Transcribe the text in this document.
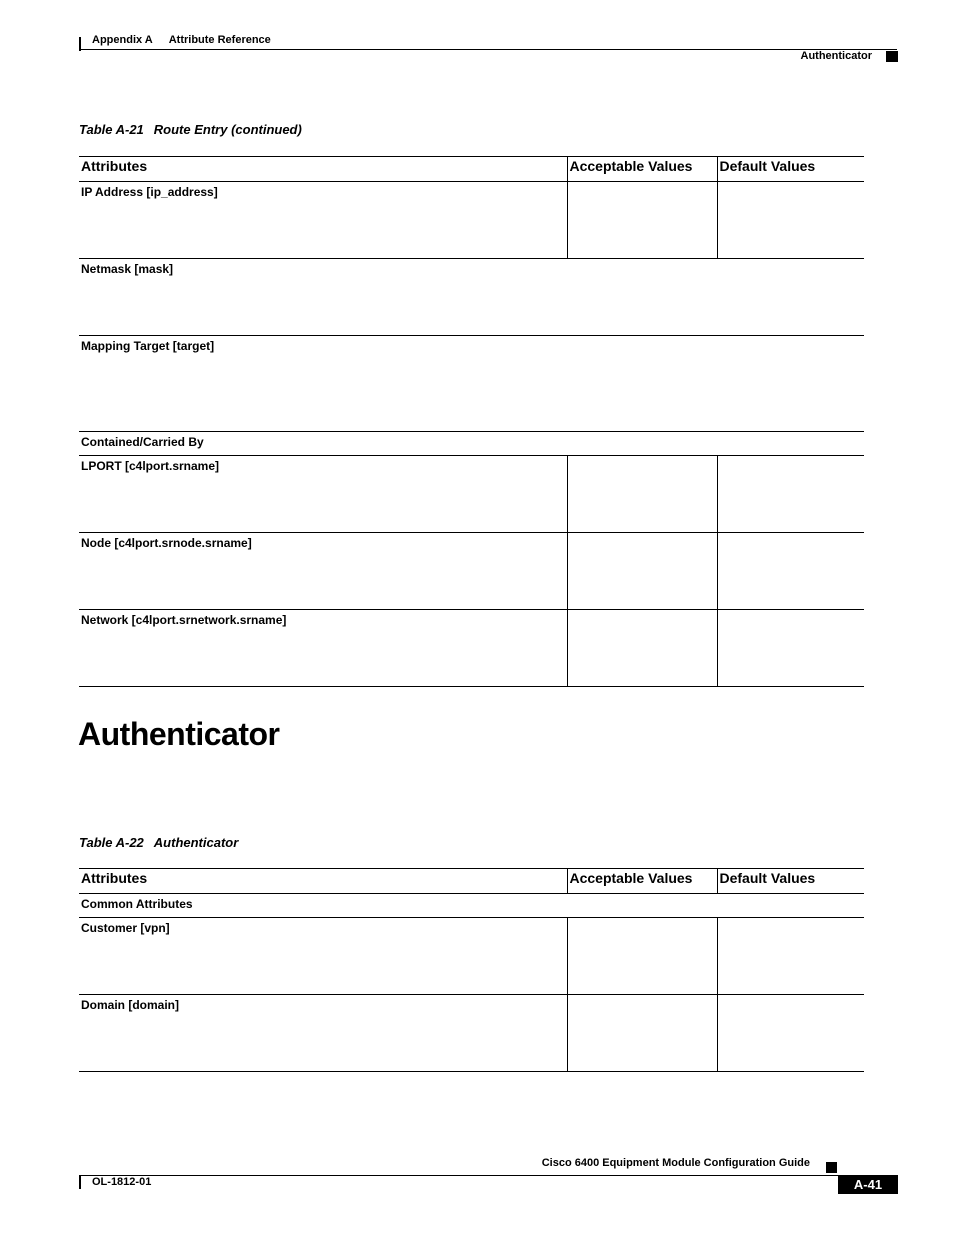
Appendix A Attribute Reference
Authenticator
Table A-21 Route Entry (continued)
Attributes	Acceptable Values	Default Values
IP Address [ip_address]		
Netmask [mask]		
Mapping Target [target]		
Contained/Carried By		
LPORT [c4lport.srname]		
Node [c4lport.srnode.srname]		
Network [c4lport.srnetwork.srname]		
Authenticator
Table A-22 Authenticator
Attributes	Acceptable Values	Default Values
Common Attributes		
Customer [vpn]		
Domain [domain]		
Cisco 6400 Equipment Module Configuration Guide
OL-1812-01	A-41
